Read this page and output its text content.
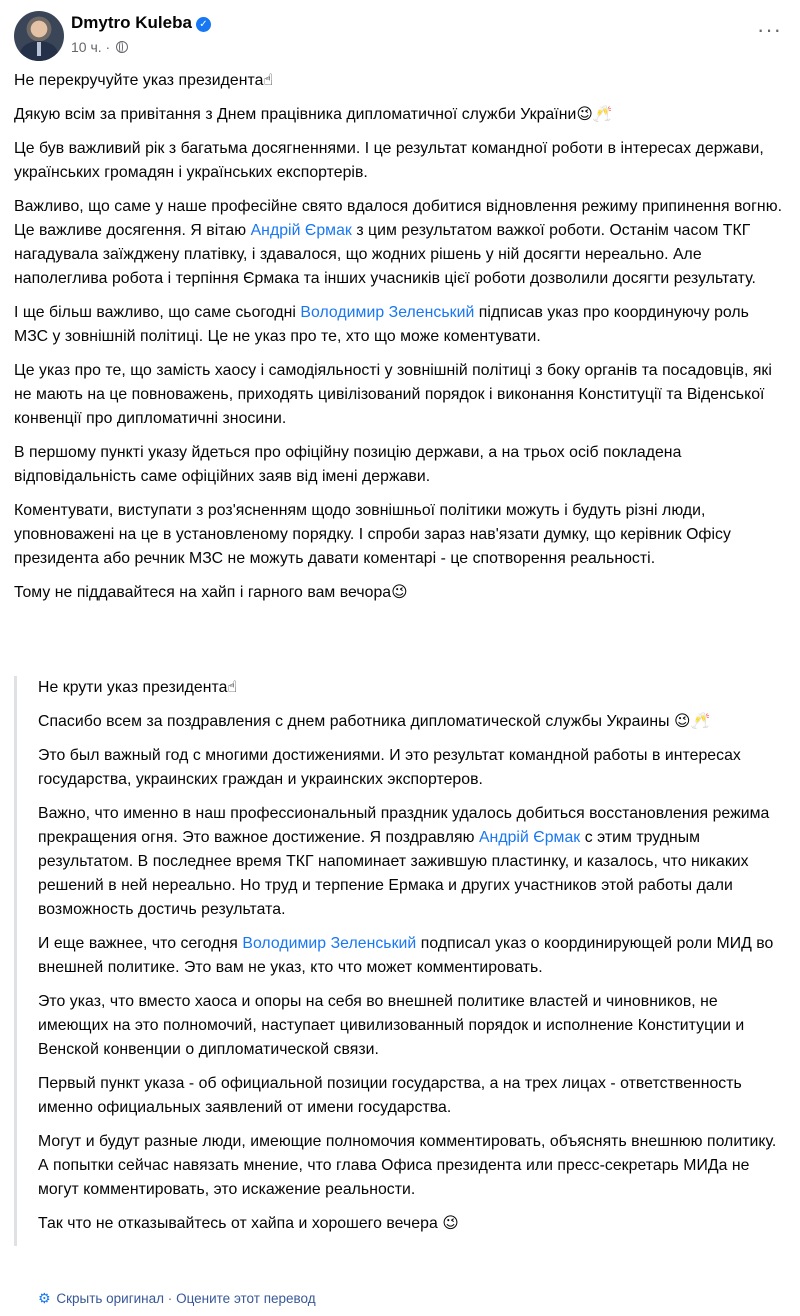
Dmytro Kuleba ✓
10 ч. ·
···
Не перекручуйте указ президента☝
Дякую всім за привітання з Днем працівника дипломатичної служби України😉🥂
Це був важливий рік з багатьма досягненнями. І це результат командної роботи в інтересах держави, українських громадян і українських експортерів.
Важливо, що саме у наше професійне свято вдалося добитися відновлення режиму припинення вогню. Це важливе досягення. Я вітаю Андрій Єрмак з цим результатом важкої роботи. Останім часом ТКГ нагадувала заїжджену платівку, і здавалося, що жодних рішень у ній досягти нереально. Але наполеглива робота і терпіння Єрмака та інших учасників цієї роботи дозволили досягти результату.
І ще більш важливо, що саме сьогодні Володимир Зеленський підписав указ про координуючу роль МЗС у зовнішній політиці. Це не указ про те, хто що може коментувати.
Це указ про те, що замість хаосу і самодіяльності у зовнішній політиці з боку органів та посадовців, які не мають на це повноважень, приходять цивілізований порядок і виконання Конституції та Віденської конвенції про дипломатичні зносини.
В першому пункті указу йдеться про офіційну позицію держави, а на трьох осіб покладена відповідальність саме офіційних заяв від імені держави.
Коментувати, виступати з роз'ясненням щодо зовнішньої політики можуть і будуть різні люди, уповноважені на це в установленому порядку. І спроби зараз нав'язати думку, що керівник Офісу президента або речник МЗС не можуть давати коментарі - це спотворення реальності.
Тому не піддавайтеся на хайп і гарного вам вечора😉
Не крути указ президента☝
Спасибо всем за поздравления с днем работника дипломатической службы Украины 😉🥂
Это был важный год с многими достижениями. И это результат командной работы в интересах государства, украинских граждан и украинских экспортеров.
Важно, что именно в наш профессиональный праздник удалось добиться восстановления режима прекращения огня. Это важное достижение. Я поздравляю Андрій Єрмак с этим трудным результатом. В последнее время ТКГ напоминает зажившую пластинку, и казалось, что никаких решений в ней нереально. Но труд и терпение Ермака и других участников этой работы дали возможность достичь результата.
И еще важнее, что сегодня Володимир Зеленський подписал указ о координирующей роли МИД во внешней политике. Это вам не указ, кто что может комментировать.
Это указ, что вместо хаоса и опоры на себя во внешней политике властей и чиновников, не имеющих на это полномочий, наступает цивилизованный порядок и исполнение Конституции и Венской конвенции о дипломатической связи.
Первый пункт указа - об официальной позиции государства, а на трех лицах - ответственность именно официальных заявлений от имени государства.
Могут и будут разные люди, имеющие полномочия комментировать, объяснять внешнюю политику. А попытки сейчас навязать мнение, что глава Офиса президента или пресс-секретарь МИДа не могут комментировать, это искажение реальности.
Так что не отказывайтесь от хайпа и хорошего вечера 😉
⚙ Скрыть оригинал · Оцените этот перевод
